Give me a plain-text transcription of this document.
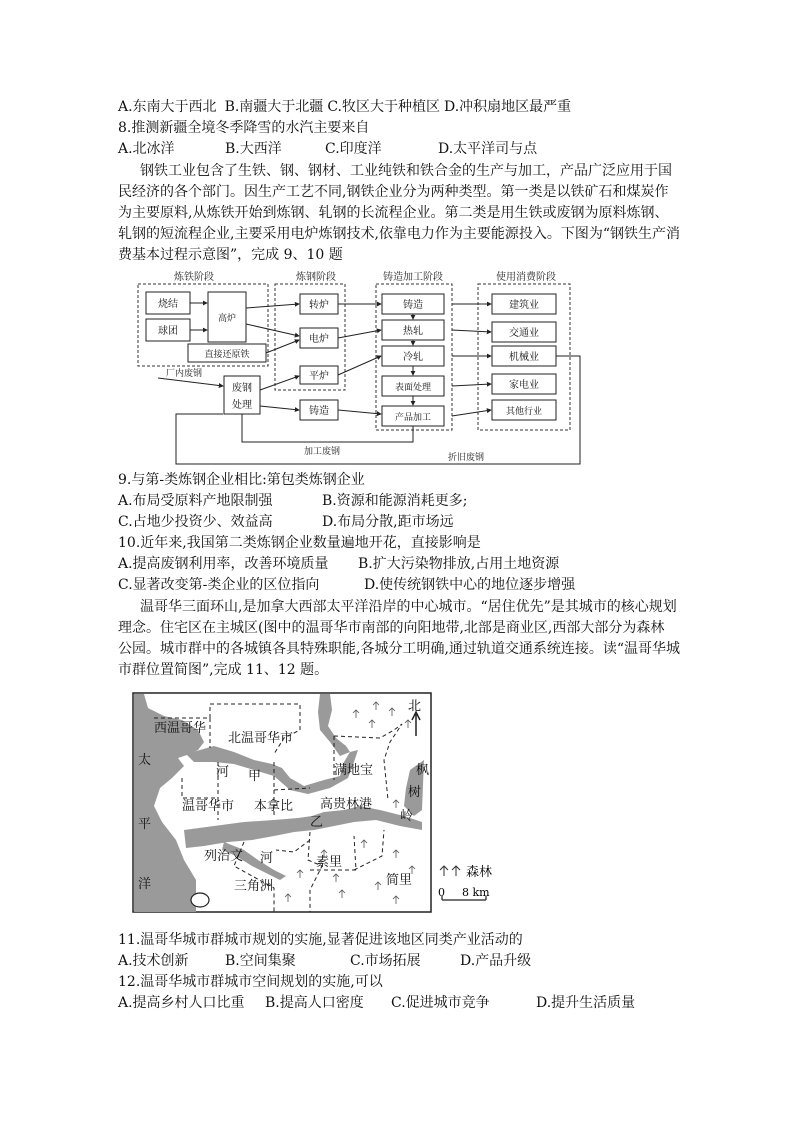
A.东南大于西北 B.南疆大于北疆 C.牧区大于种植区 D.冲积扇地区最严重
8.推测新疆全境冬季降雪的水汽主要来自
A.北冰洋	B.大西洋	C.印度洋	D.太平洋司与点
钢铁工业包含了生铁、钢、钢材、工业纯铁和铁合金的生产与加工，产品广泛应用于国
民经济的各个部门。因生产工艺不同,钢铁企业分为两种类型。第一类是以铁矿石和煤炭作
为主要原料,从炼铁开始到炼钢、轧钢的长流程企业。第二类是用生铁或废钢为原料炼钢、
轧钢的短流程企业,主要采用电炉炼钢技术,依靠电力作为主要能源投入。下图为“钢铁生产消
费基本过程示意图”，完成 9、10 题
炼铁阶段	炼钢阶段	铸造加工阶段	使用消费阶段
烧结
球团
高炉
直接还原铁
转炉
电炉
平炉
铸造
废钢
处理
铸造
热轧
冷轧
表面处理
产品加工
建筑业
交通业
机械业
家电业
其他行业
厂内废钢
加工废钢
折旧废钢
9.与第-类炼钢企业相比:第包类炼钢企业
A.布局受原料产地限制强	B.资源和能源消耗更多;
C.占地少投资少、效益高	D.布局分散,距市场远
10.近年来,我国第二类炼钢企业数量遍地开花，直接影响是
A.提高废钢利用率，改善环境质量 B.扩大污染物排放,占用土地资源
C.显著改变第-类企业的区位指向	D.使传统钢铁中心的地位逐步增强
温哥华三面环山,是加拿大西部太平洋沿岸的中心城市。“居住优先”是其城市的核心规划
理念。住宅区在主城区(图中的温哥华市南部的向阳地带,北部是商业区,西部大部分为森林
公园。城市群中的各城镇各具特殊职能,各城分工明确,通过轨道交通系统连接。读“温哥华城
市群位置简图”,完成 11、12 题。
北
西温哥华
北温哥华市
太
平
洋
河 甲	满地宝	枫
树
岭
温哥华市 本拿比 高贵林港
乙
列治文 河
三角洲
素里
简里
森林
0 8 km
11.温哥华城市群城市规划的实施,显著促进该地区同类产业活动的
A.技术创新	B.空间集聚	C.市场拓展	D.产品升级
12.温哥华城市群城市空间规划的实施,可以
A.提高乡村人口比重 B.提高人口密度 C.促进城市竞争	D.提升生活质量
